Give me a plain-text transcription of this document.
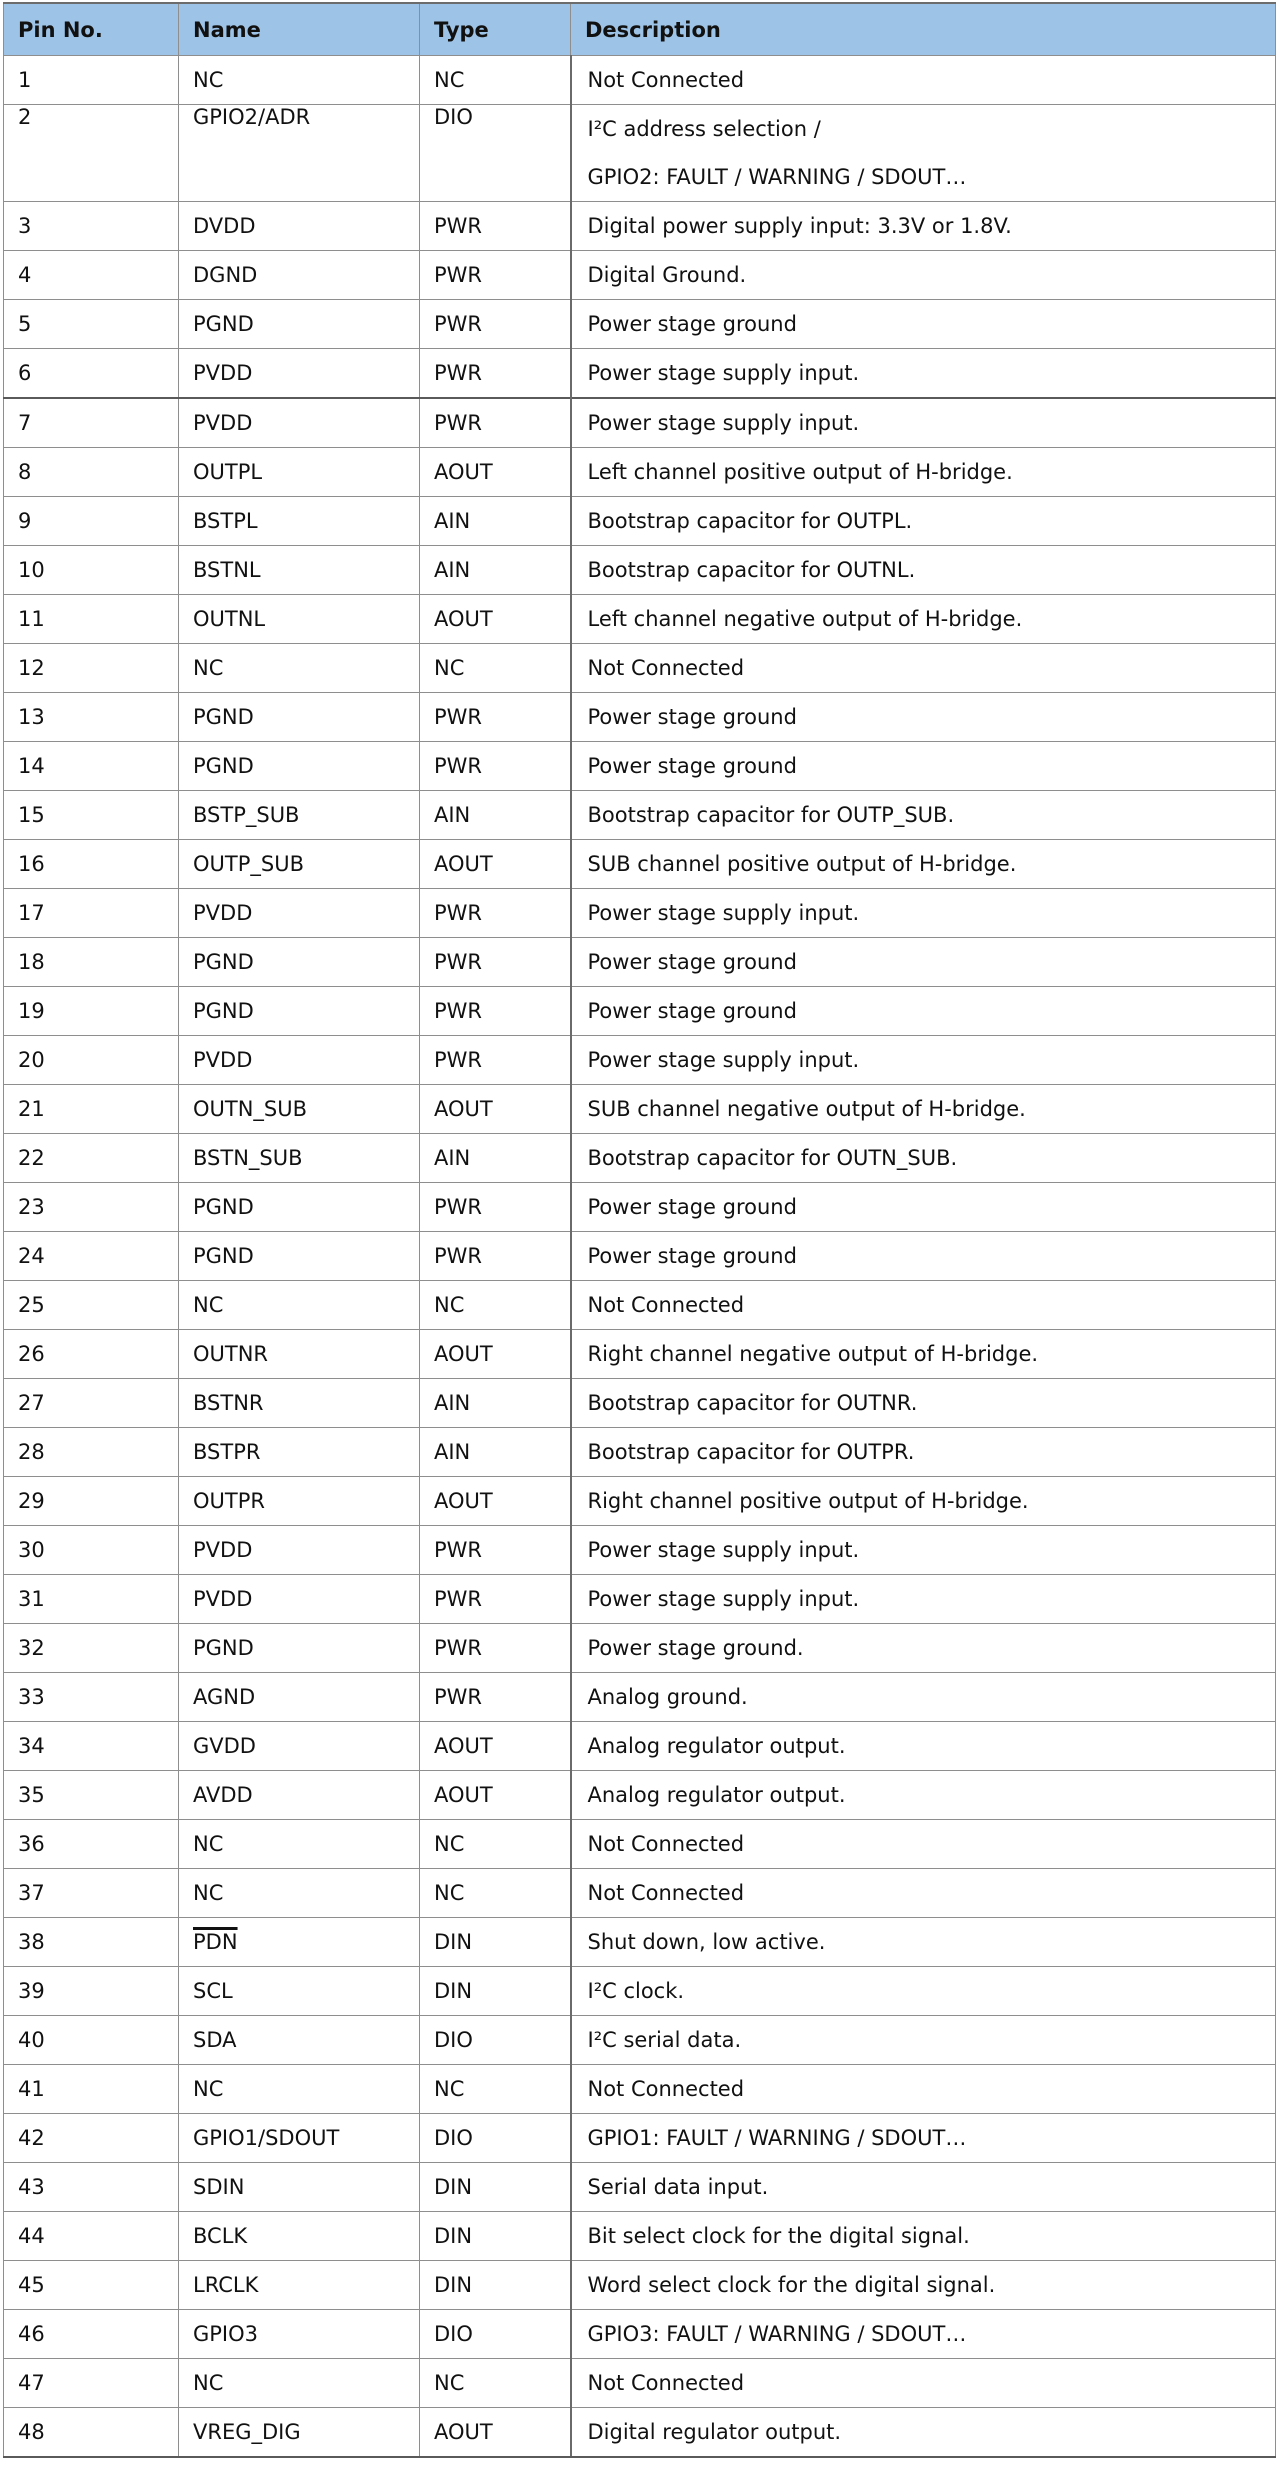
Pin No.	Name	Type	Description
1	NC	NC	Not Connected

2	GPIO2/ADR	DIO	I²C address selection /
GPIO2: FAULT / WARNING / SDOUT…

3	DVDD	PWR	Digital power supply input: 3.3V or 1.8V.

4	DGND	PWR	Digital Ground.

5	PGND	PWR	Power stage ground

6	PVDD	PWR	Power stage supply input.

7	PVDD	PWR	Power stage supply input.

8	OUTPL	AOUT	Left channel positive output of H-bridge.

9	BSTPL	AIN	Bootstrap capacitor for OUTPL.

10	BSTNL	AIN	Bootstrap capacitor for OUTNL.

11	OUTNL	AOUT	Left channel negative output of H-bridge.

12	NC	NC	Not Connected

13	PGND	PWR	Power stage ground

14	PGND	PWR	Power stage ground

15	BSTP_SUB	AIN	Bootstrap capacitor for OUTP_SUB.

16	OUTP_SUB	AOUT	SUB channel positive output of H-bridge.

17	PVDD	PWR	Power stage supply input.

18	PGND	PWR	Power stage ground

19	PGND	PWR	Power stage ground

20	PVDD	PWR	Power stage supply input.

21	OUTN_SUB	AOUT	SUB channel negative output of H-bridge.

22	BSTN_SUB	AIN	Bootstrap capacitor for OUTN_SUB.

23	PGND	PWR	Power stage ground

24	PGND	PWR	Power stage ground

25	NC	NC	Not Connected

26	OUTNR	AOUT	Right channel negative output of H-bridge.

27	BSTNR	AIN	Bootstrap capacitor for OUTNR.

28	BSTPR	AIN	Bootstrap capacitor for OUTPR.

29	OUTPR	AOUT	Right channel positive output of H-bridge.

30	PVDD	PWR	Power stage supply input.

31	PVDD	PWR	Power stage supply input.

32	PGND	PWR	Power stage ground.

33	AGND	PWR	Analog ground.

34	GVDD	AOUT	Analog regulator output.

35	AVDD	AOUT	Analog regulator output.

36	NC	NC	Not Connected

37	NC	NC	Not Connected

38	$\overline{PDN}$	DIN	Shut down, low active.

39	SCL	DIN	I²C clock.

40	SDA	DIO	I²C serial data.

41	NC	NC	Not Connected

42	GPIO1/SDOUT	DIO	GPIO1: FAULT / WARNING / SDOUT…

43	SDIN	DIN	Serial data input.

44	BCLK	DIN	Bit select clock for the digital signal.

45	LRCLK	DIN	Word select clock for the digital signal.

46	GPIO3	DIO	GPIO3: FAULT / WARNING / SDOUT…

47	NC	NC	Not Connected

48	VREG_DIG	AOUT	Digital regulator output.
